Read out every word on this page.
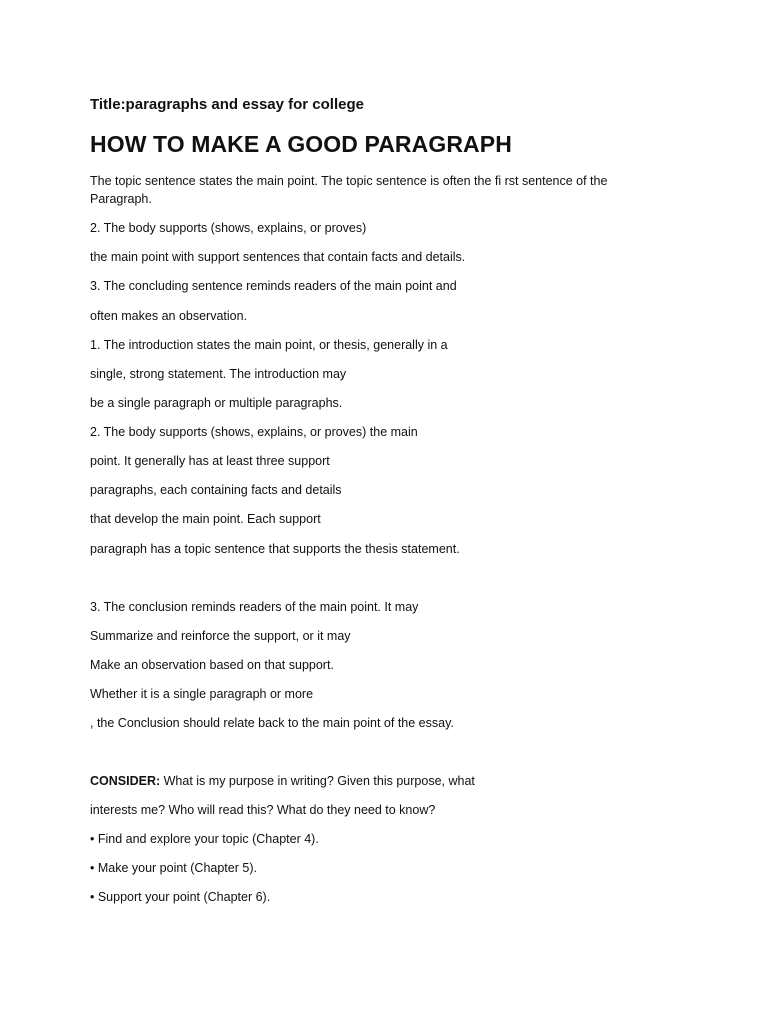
Title:paragraphs and essay for college
HOW TO MAKE A GOOD PARAGRAPH
The topic sentence states the main point. The topic sentence is often the fi rst sentence of the
Paragraph.
2. The body supports (shows, explains, or proves)
the main point with support sentences that contain facts and details.
3. The concluding sentence reminds readers of the main point and
often makes an observation.
1. The introduction states the main point, or thesis, generally in a
single, strong statement. The introduction may
be a single paragraph or multiple paragraphs.
2. The body supports (shows, explains, or proves) the main
point. It generally has at least three support
paragraphs, each containing facts and details
that develop the main point. Each support
paragraph has a topic sentence that supports the thesis statement.
3. The conclusion reminds readers of the main point. It may
Summarize and reinforce the support, or it may
Make an observation based on that support.
Whether it is a single paragraph or more
, the Conclusion should relate back to the main point of the essay.
CONSIDER: What is my purpose in writing? Given this purpose, what
interests me? Who will read this? What do they need to know?
• Find and explore your topic (Chapter 4).
• Make your point (Chapter 5).
• Support your point (Chapter 6).
